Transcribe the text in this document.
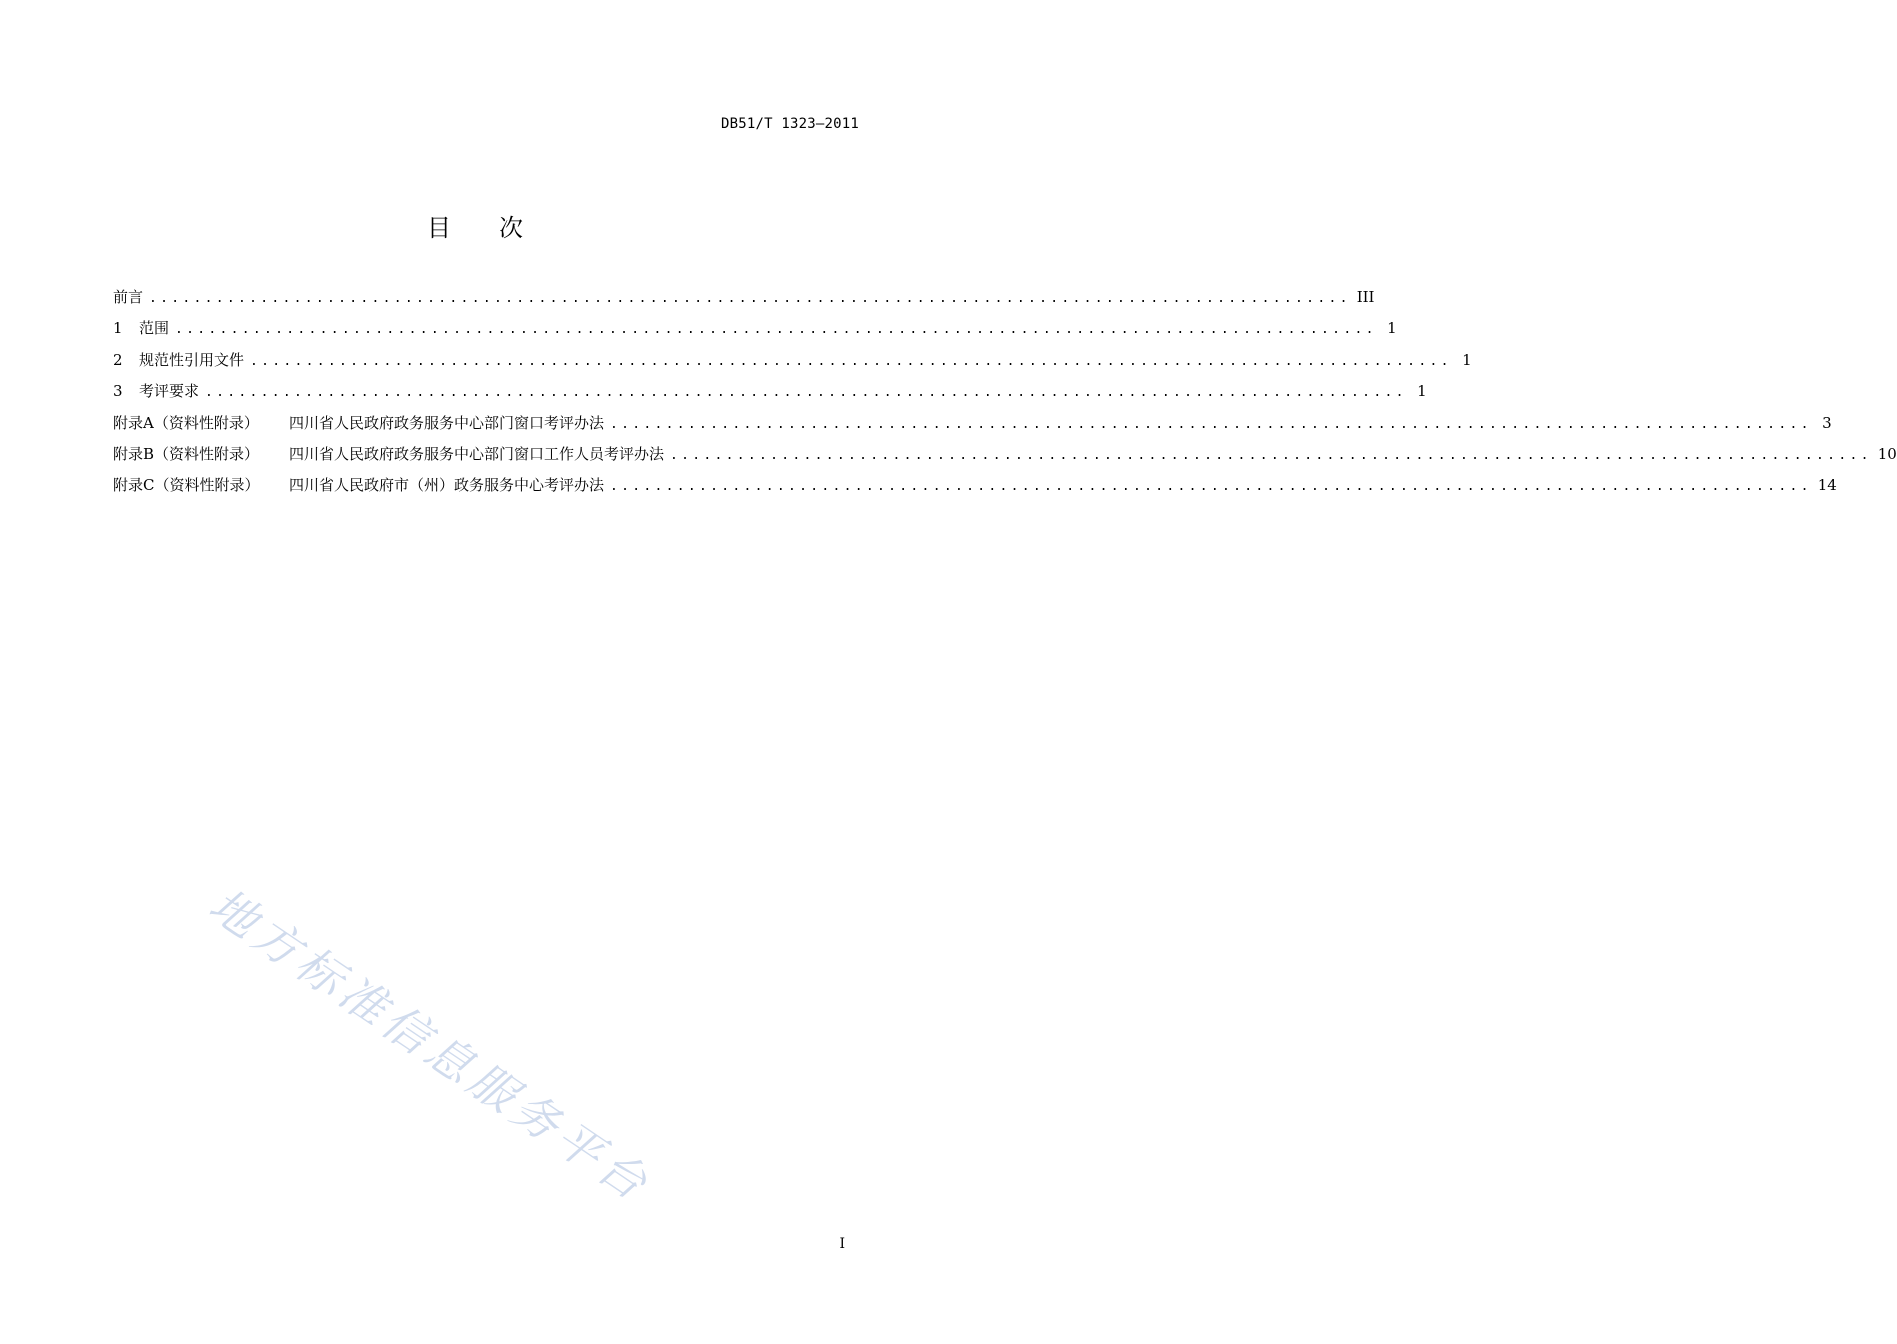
DB51/T 1323—2011
目 次
前言 ............................................................................................................ III
1	范围 ............................................................................................................ 1
2	规范性引用文件 ............................................................................................................ 1
3	考评要求 ............................................................................................................ 1
附录A（资料性附录）	四川省人民政府政务服务中心部门窗口考评办法 ............................................................................................................ 3
附录B（资料性附录）	四川省人民政府政务服务中心部门窗口工作人员考评办法 ............................................................................................................ 10
附录C（资料性附录）	四川省人民政府市（州）政务服务中心考评办法 ............................................................................................................ 14
地方标准信息服务平台
I
